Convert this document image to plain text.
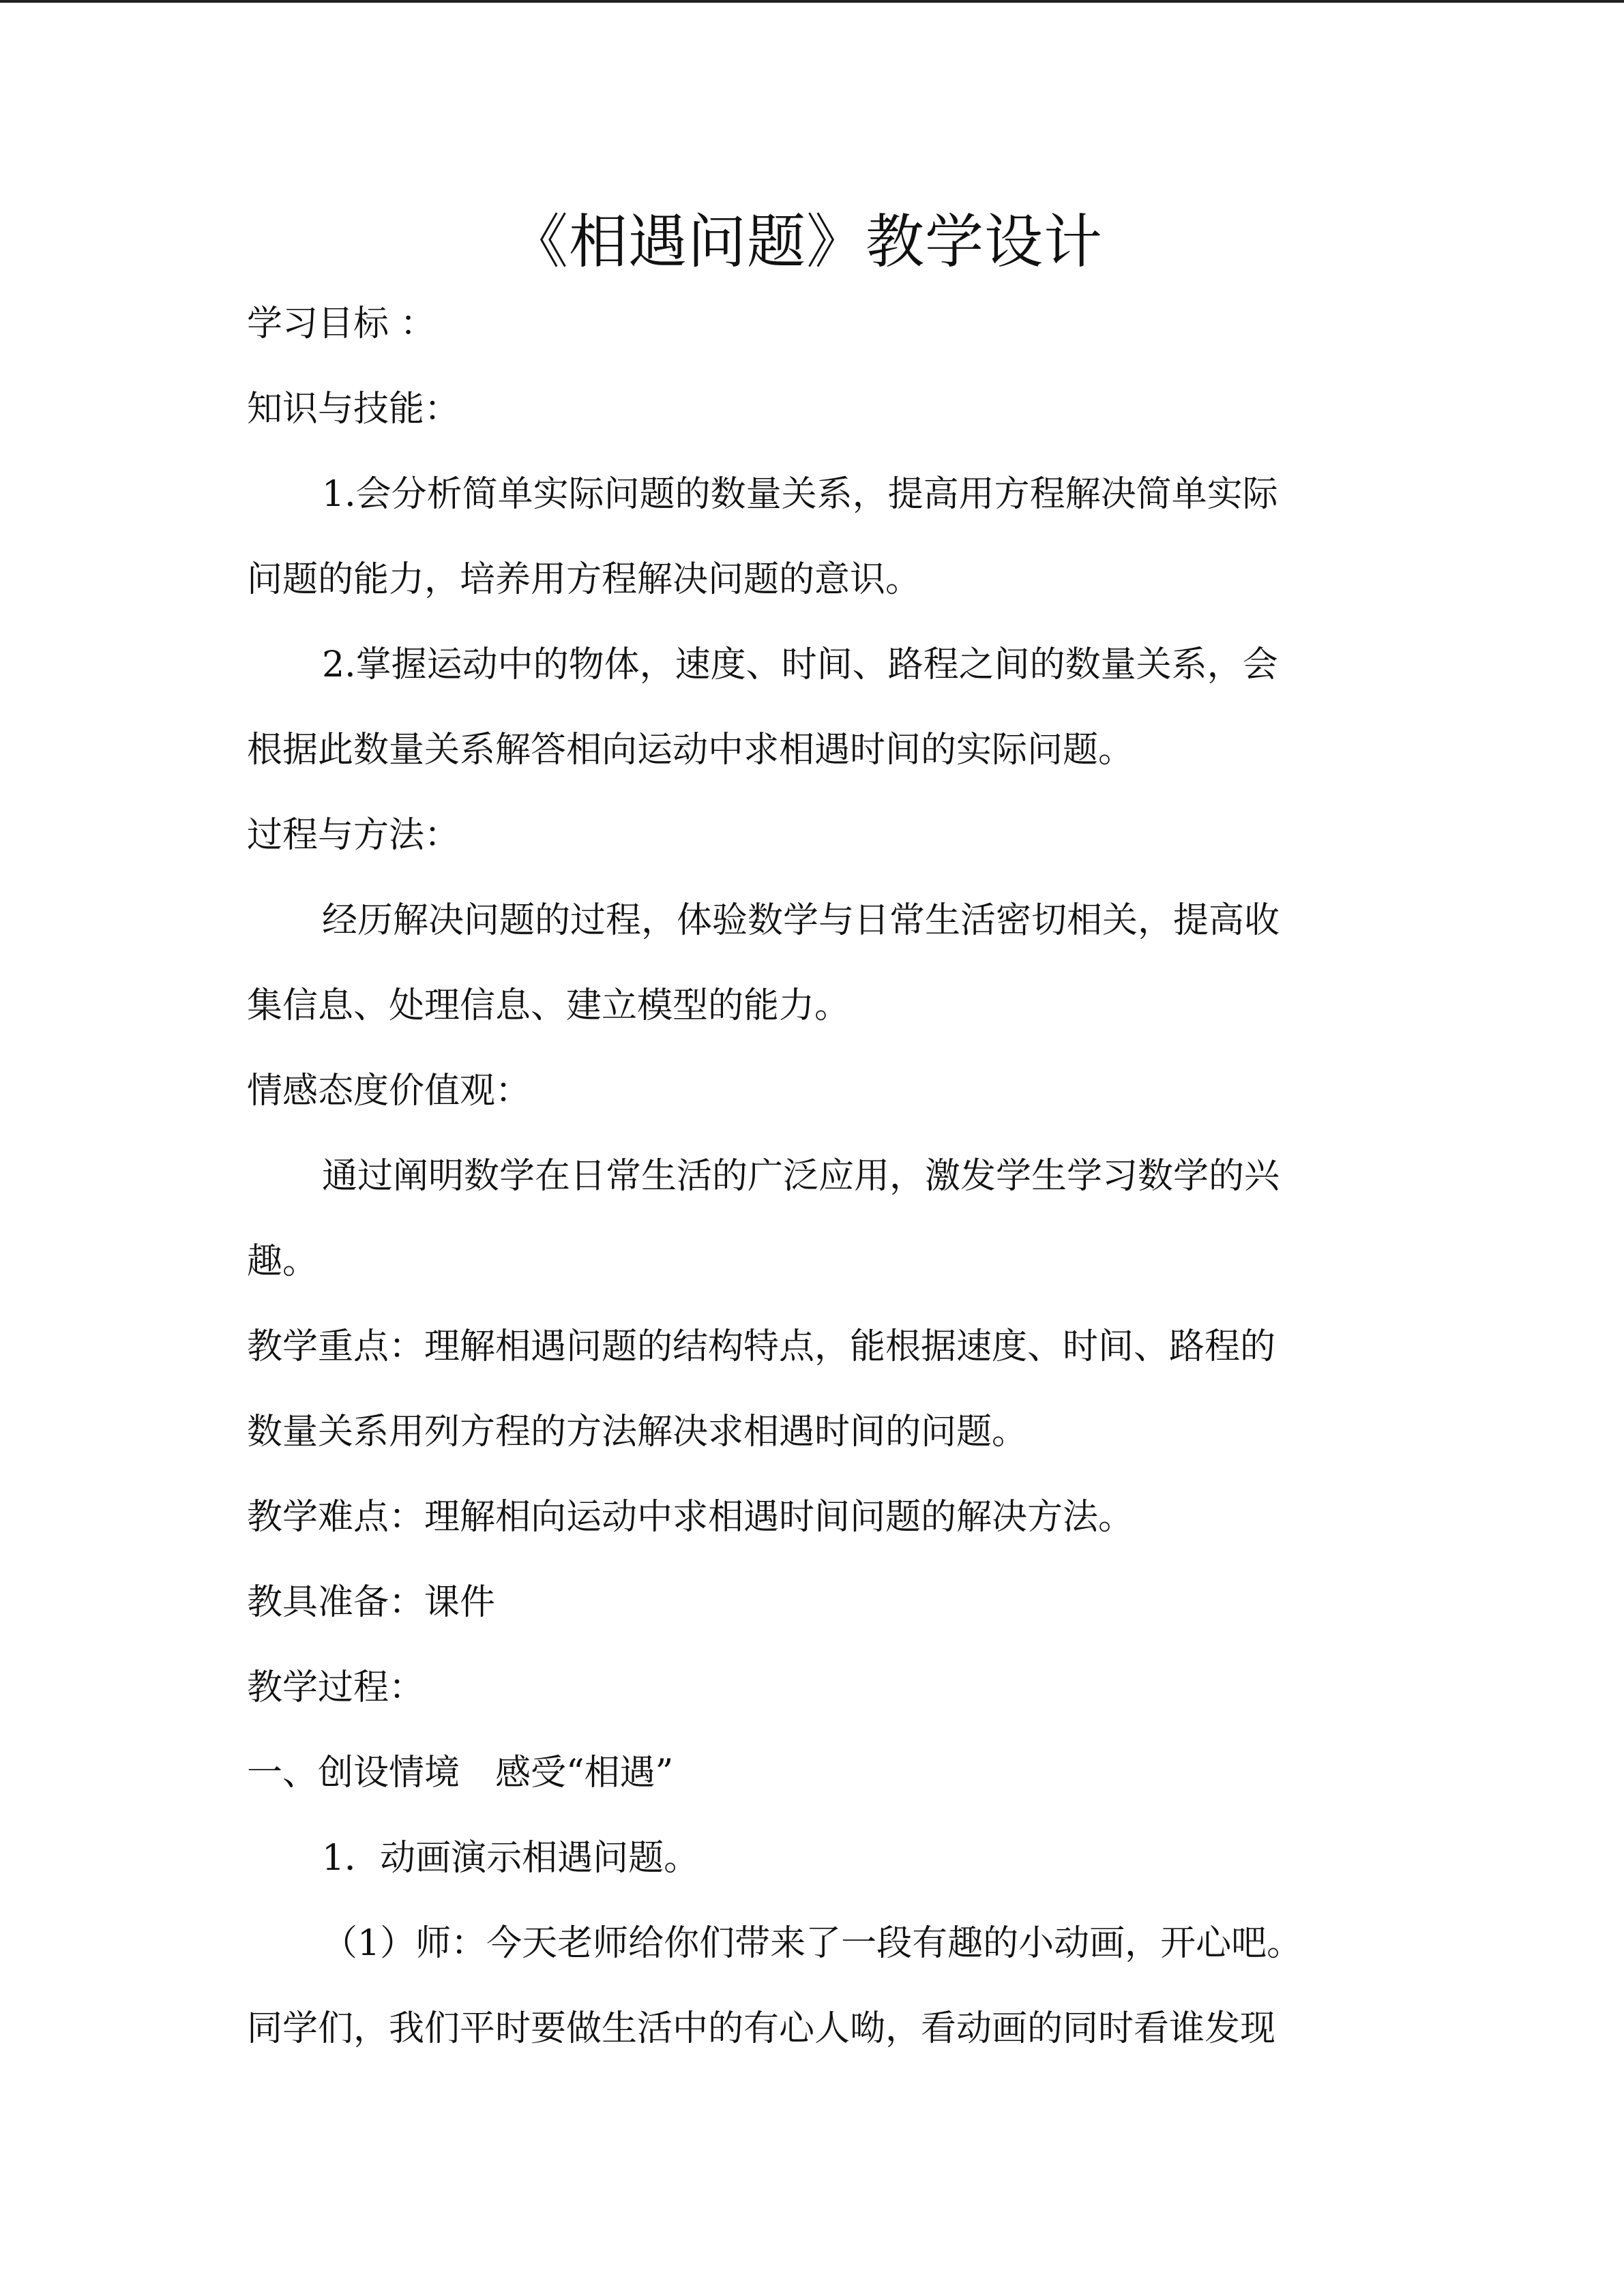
《相遇问题》教学设计
学习目标 ：
知识与技能：
1.会分析简单实际问题的数量关系，提高用方程解决简单实际
问题的能力，培养用方程解决问题的意识。
2.掌握运动中的物体，速度、时间、路程之间的数量关系，会
根据此数量关系解答相向运动中求相遇时间的实际问题。
过程与方法：
经历解决问题的过程，体验数学与日常生活密切相关，提高收
集信息、处理信息、建立模型的能力。
情感态度价值观：
通过阐明数学在日常生活的广泛应用，激发学生学习数学的兴
趣。
教学重点：理解相遇问题的结构特点，能根据速度、时间、路程的
数量关系用列方程的方法解决求相遇时间的问题。
教学难点：理解相向运动中求相遇时间问题的解决方法。
教具准备：课件
教学过程：
一、创设情境　感受“相遇”
1．动画演示相遇问题。
（1）师：今天老师给你们带来了一段有趣的小动画，开心吧。
同学们，我们平时要做生活中的有心人呦，看动画的同时看谁发现
